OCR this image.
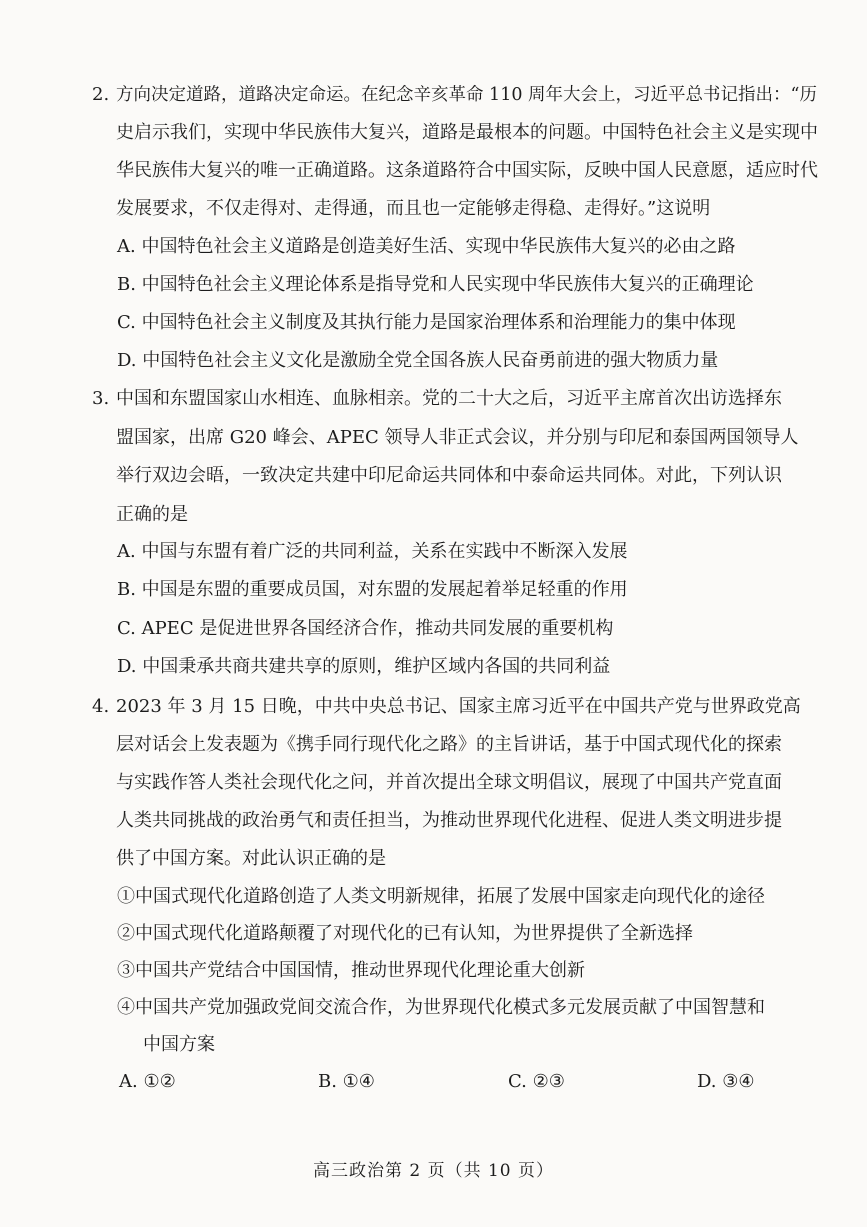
2. 方向决定道路，道路决定命运。在纪念辛亥革命 110 周年大会上，习近平总书记指出：“历
史启示我们，实现中华民族伟大复兴，道路是最根本的问题。中国特色社会主义是实现中
华民族伟大复兴的唯一正确道路。这条道路符合中国实际，反映中国人民意愿，适应时代
发展要求，不仅走得对、走得通，而且也一定能够走得稳、走得好。”这说明
A. 中国特色社会主义道路是创造美好生活、实现中华民族伟大复兴的必由之路
B. 中国特色社会主义理论体系是指导党和人民实现中华民族伟大复兴的正确理论
C. 中国特色社会主义制度及其执行能力是国家治理体系和治理能力的集中体现
D. 中国特色社会主义文化是激励全党全国各族人民奋勇前进的强大物质力量
3. 中国和东盟国家山水相连、血脉相亲。党的二十大之后，习近平主席首次出访选择东
盟国家，出席 G20 峰会、APEC 领导人非正式会议，并分别与印尼和泰国两国领导人
举行双边会晤，一致决定共建中印尼命运共同体和中泰命运共同体。对此，下列认识
正确的是
A. 中国与东盟有着广泛的共同利益，关系在实践中不断深入发展
B. 中国是东盟的重要成员国，对东盟的发展起着举足轻重的作用
C. APEC 是促进世界各国经济合作，推动共同发展的重要机构
D. 中国秉承共商共建共享的原则，维护区域内各国的共同利益
4. 2023 年 3 月 15 日晚，中共中央总书记、国家主席习近平在中国共产党与世界政党高
层对话会上发表题为《携手同行现代化之路》的主旨讲话，基于中国式现代化的探索
与实践作答人类社会现代化之问，并首次提出全球文明倡议，展现了中国共产党直面
人类共同挑战的政治勇气和责任担当，为推动世界现代化进程、促进人类文明进步提
供了中国方案。对此认识正确的是
①中国式现代化道路创造了人类文明新规律，拓展了发展中国家走向现代化的途径
②中国式现代化道路颠覆了对现代化的已有认知，为世界提供了全新选择
③中国共产党结合中国国情，推动世界现代化理论重大创新
④中国共产党加强政党间交流合作，为世界现代化模式多元发展贡献了中国智慧和
中国方案
A. ①②	B. ①④	C. ②③	D. ③④
高三政治第 2 页（共 10 页）
